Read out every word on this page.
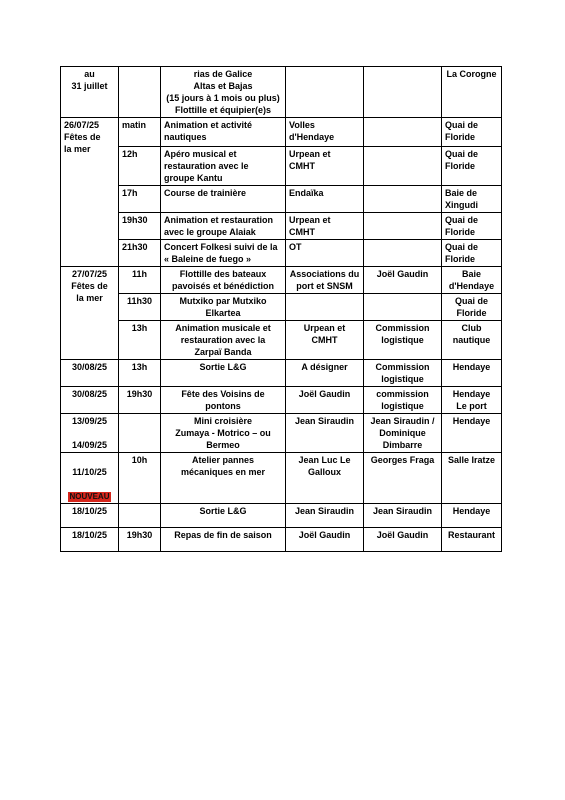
au
31 juillet		rias de Galice
Altas et Bajas
(15 jours à 1 mois ou plus)
Flottille et équipier(e)s			La Corogne
26/07/25
Fêtes de
la mer	matin	Animation et activité
nautiques	Volles
d'Hendaye		Quai de
Floride
	12h	Apéro musical et
restauration avec le
groupe Kantu	Urpean et
CMHT		Quai de
Floride
	17h	Course de trainière	Endaïka		Baie de
Xingudi
	19h30	Animation et restauration
avec le groupe Alaiak	Urpean et
CMHT		Quai de
Floride
	21h30	Concert Folkesi suivi de la
« Baleine de fuego »	OT		Quai de
Floride
27/07/25
Fêtes de
la mer	11h	Flottille des bateaux
pavoisés et bénédiction	Associations du
port et SNSM	Joël Gaudin	Baie
d'Hendaye
	11h30	Mutxiko par Mutxiko
Elkartea			Quai de
Floride
	13h	Animation musicale et
restauration avec la
Zarpaï Banda	Urpean et
CMHT	Commission
logistique	Club
nautique
30/08/25	13h	Sortie L&G	A désigner	Commission
logistique	Hendaye
30/08/25	19h30	Fête des Voisins de
pontons	Joël Gaudin	commission
logistique	Hendaye
Le port
13/09/25

14/09/25		Mini croisière
Zumaya - Motrico – ou
Bermeo	Jean Siraudin	Jean Siraudin /
Dominique
Dimbarre	Hendaye

11/10/25

NOUVEAU	10h	Atelier pannes
mécaniques en mer	Jean Luc Le
Galloux	Georges Fraga	Salle Iratze
18/10/25		Sortie L&G	Jean Siraudin	Jean Siraudin	Hendaye
18/10/25	19h30	Repas de fin de saison	Joël Gaudin	Joël Gaudin	Restaurant
